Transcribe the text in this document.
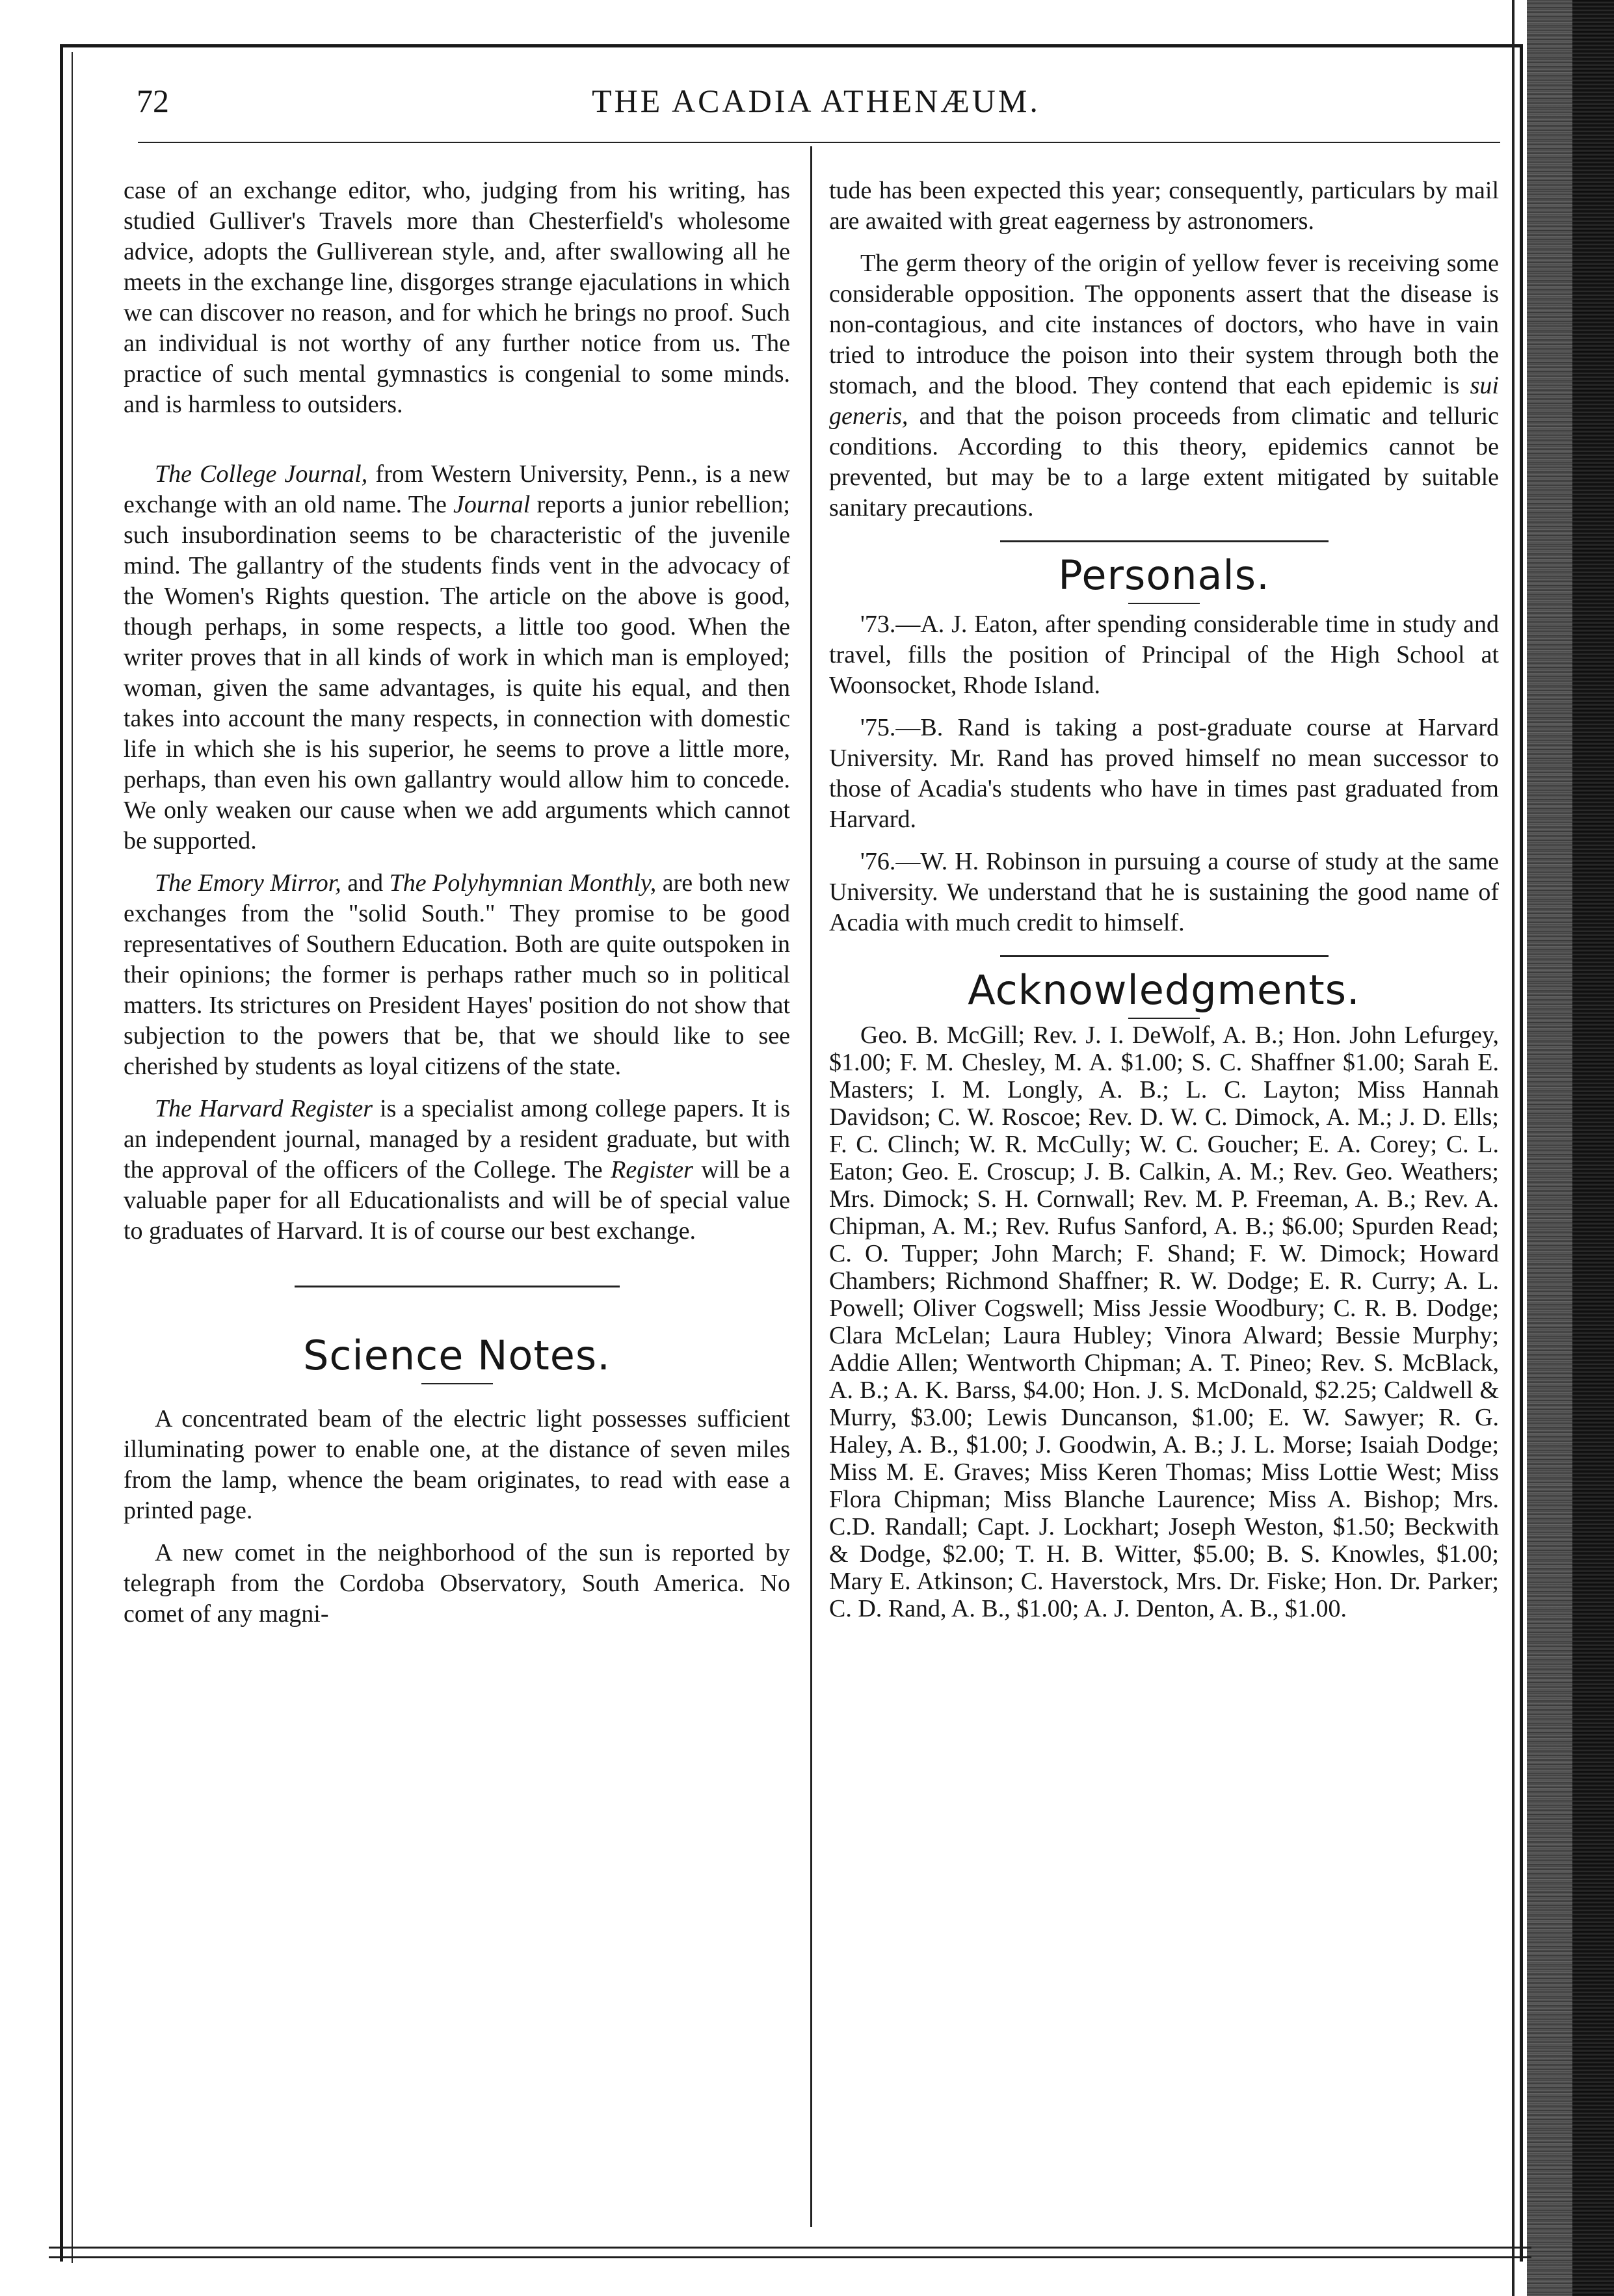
72	THE ACADIA ATHENÆUM.

case of an exchange editor, who, judging from his writing, has studied Gulliver's Travels more than Chesterfield's wholesome advice, adopts the Gulliverean style, and, after swallowing all he meets in the exchange line, disgorges strange ejaculations in which we can discover no reason, and for which he brings no proof. Such an individual is not worthy of any further notice from us. The practice of such mental gymnastics is congenial to some minds. and is harmless to outsiders.

The College Journal, from Western University, Penn., is a new exchange with an old name. The Journal reports a junior rebellion; such insubordination seems to be characteristic of the juvenile mind. The gallantry of the students finds vent in the advocacy of the Women's Rights question. The article on the above is good, though perhaps, in some respects, a little too good. When the writer proves that in all kinds of work in which man is employed; woman, given the same advantages, is quite his equal, and then takes into account the many respects, in connection with domestic life in which she is his superior, he seems to prove a little more, perhaps, than even his own gallantry would allow him to concede. We only weaken our cause when we add arguments which cannot be supported.

The Emory Mirror, and The Polyhymnian Monthly, are both new exchanges from the "solid South." They promise to be good representatives of Southern Education. Both are quite outspoken in their opinions; the former is perhaps rather much so in political matters. Its strictures on President Hayes' position do not show that subjection to the powers that be, that we should like to see cherished by students as loyal citizens of the state.

The Harvard Register is a specialist among college papers. It is an independent journal, managed by a resident graduate, but with the approval of the officers of the College. The Register will be a valuable paper for all Educationalists and will be of special value to graduates of Harvard. It is of course our best exchange.

Science Notes.

A concentrated beam of the electric light possesses sufficient illuminating power to enable one, at the distance of seven miles from the lamp, whence the beam originates, to read with ease a printed page.

A new comet in the neighborhood of the sun is reported by telegraph from the Cordoba Observatory, South America. No comet of any magni-

tude has been expected this year; consequently, particulars by mail are awaited with great eagerness by astronomers.

The germ theory of the origin of yellow fever is receiving some considerable opposition. The opponents assert that the disease is non-contagious, and cite instances of doctors, who have in vain tried to introduce the poison into their system through both the stomach, and the blood. They contend that each epidemic is sui generis, and that the poison proceeds from climatic and telluric conditions. According to this theory, epidemics cannot be prevented, but may be to a large extent mitigated by suitable sanitary precautions.

Personals.

'73.—A. J. Eaton, after spending considerable time in study and travel, fills the position of Principal of the High School at Woonsocket, Rhode Island.

'75.—B. Rand is taking a post-graduate course at Harvard University. Mr. Rand has proved himself no mean successor to those of Acadia's students who have in times past graduated from Harvard.

'76.—W. H. Robinson in pursuing a course of study at the same University. We understand that he is sustaining the good name of Acadia with much credit to himself.

Acknowledgments.

Geo. B. McGill; Rev. J. I. DeWolf, A. B.; Hon. John Lefurgey, $1.00; F. M. Chesley, M. A. $1.00; S. C. Shaffner $1.00; Sarah E. Masters; I. M. Longly, A. B.; L. C. Layton; Miss Hannah Davidson; C. W. Roscoe; Rev. D. W. C. Dimock, A. M.; J. D. Ells; F. C. Clinch; W. R. McCully; W. C. Goucher; E. A. Corey; C. L. Eaton; Geo. E. Croscup; J. B. Calkin, A. M.; Rev. Geo. Weathers; Mrs. Dimock; S. H. Cornwall; Rev. M. P. Freeman, A. B.; Rev. A. Chipman, A. M.; Rev. Rufus Sanford, A. B.; $6.00; Spurden Read; C. O. Tupper; John March; F. Shand; F. W. Dimock; Howard Chambers; Richmond Shaffner; R. W. Dodge; E. R. Curry; A. L. Powell; Oliver Cogswell; Miss Jessie Woodbury; C. R. B. Dodge; Clara McLelan; Laura Hubley; Vinora Alward; Bessie Murphy; Addie Allen; Wentworth Chipman; A. T. Pineo; Rev. S. McBlack, A. B.; A. K. Barss, $4.00; Hon. J. S. McDonald, $2.25; Caldwell & Murry, $3.00; Lewis Duncanson, $1.00; E. W. Sawyer; R. G. Haley, A. B., $1.00; J. Goodwin, A. B.; J. L. Morse; Isaiah Dodge; Miss M. E. Graves; Miss Keren Thomas; Miss Lottie West; Miss Flora Chipman; Miss Blanche Laurence; Miss A. Bishop; Mrs. C.D. Randall; Capt. J. Lockhart; Joseph Weston, $1.50; Beckwith & Dodge, $2.00; T. H. B. Witter, $5.00; B. S. Knowles, $1.00; Mary E. Atkinson; C. Haverstock, Mrs. Dr. Fiske; Hon. Dr. Parker; C. D. Rand, A. B., $1.00; A. J. Denton, A. B., $1.00.
